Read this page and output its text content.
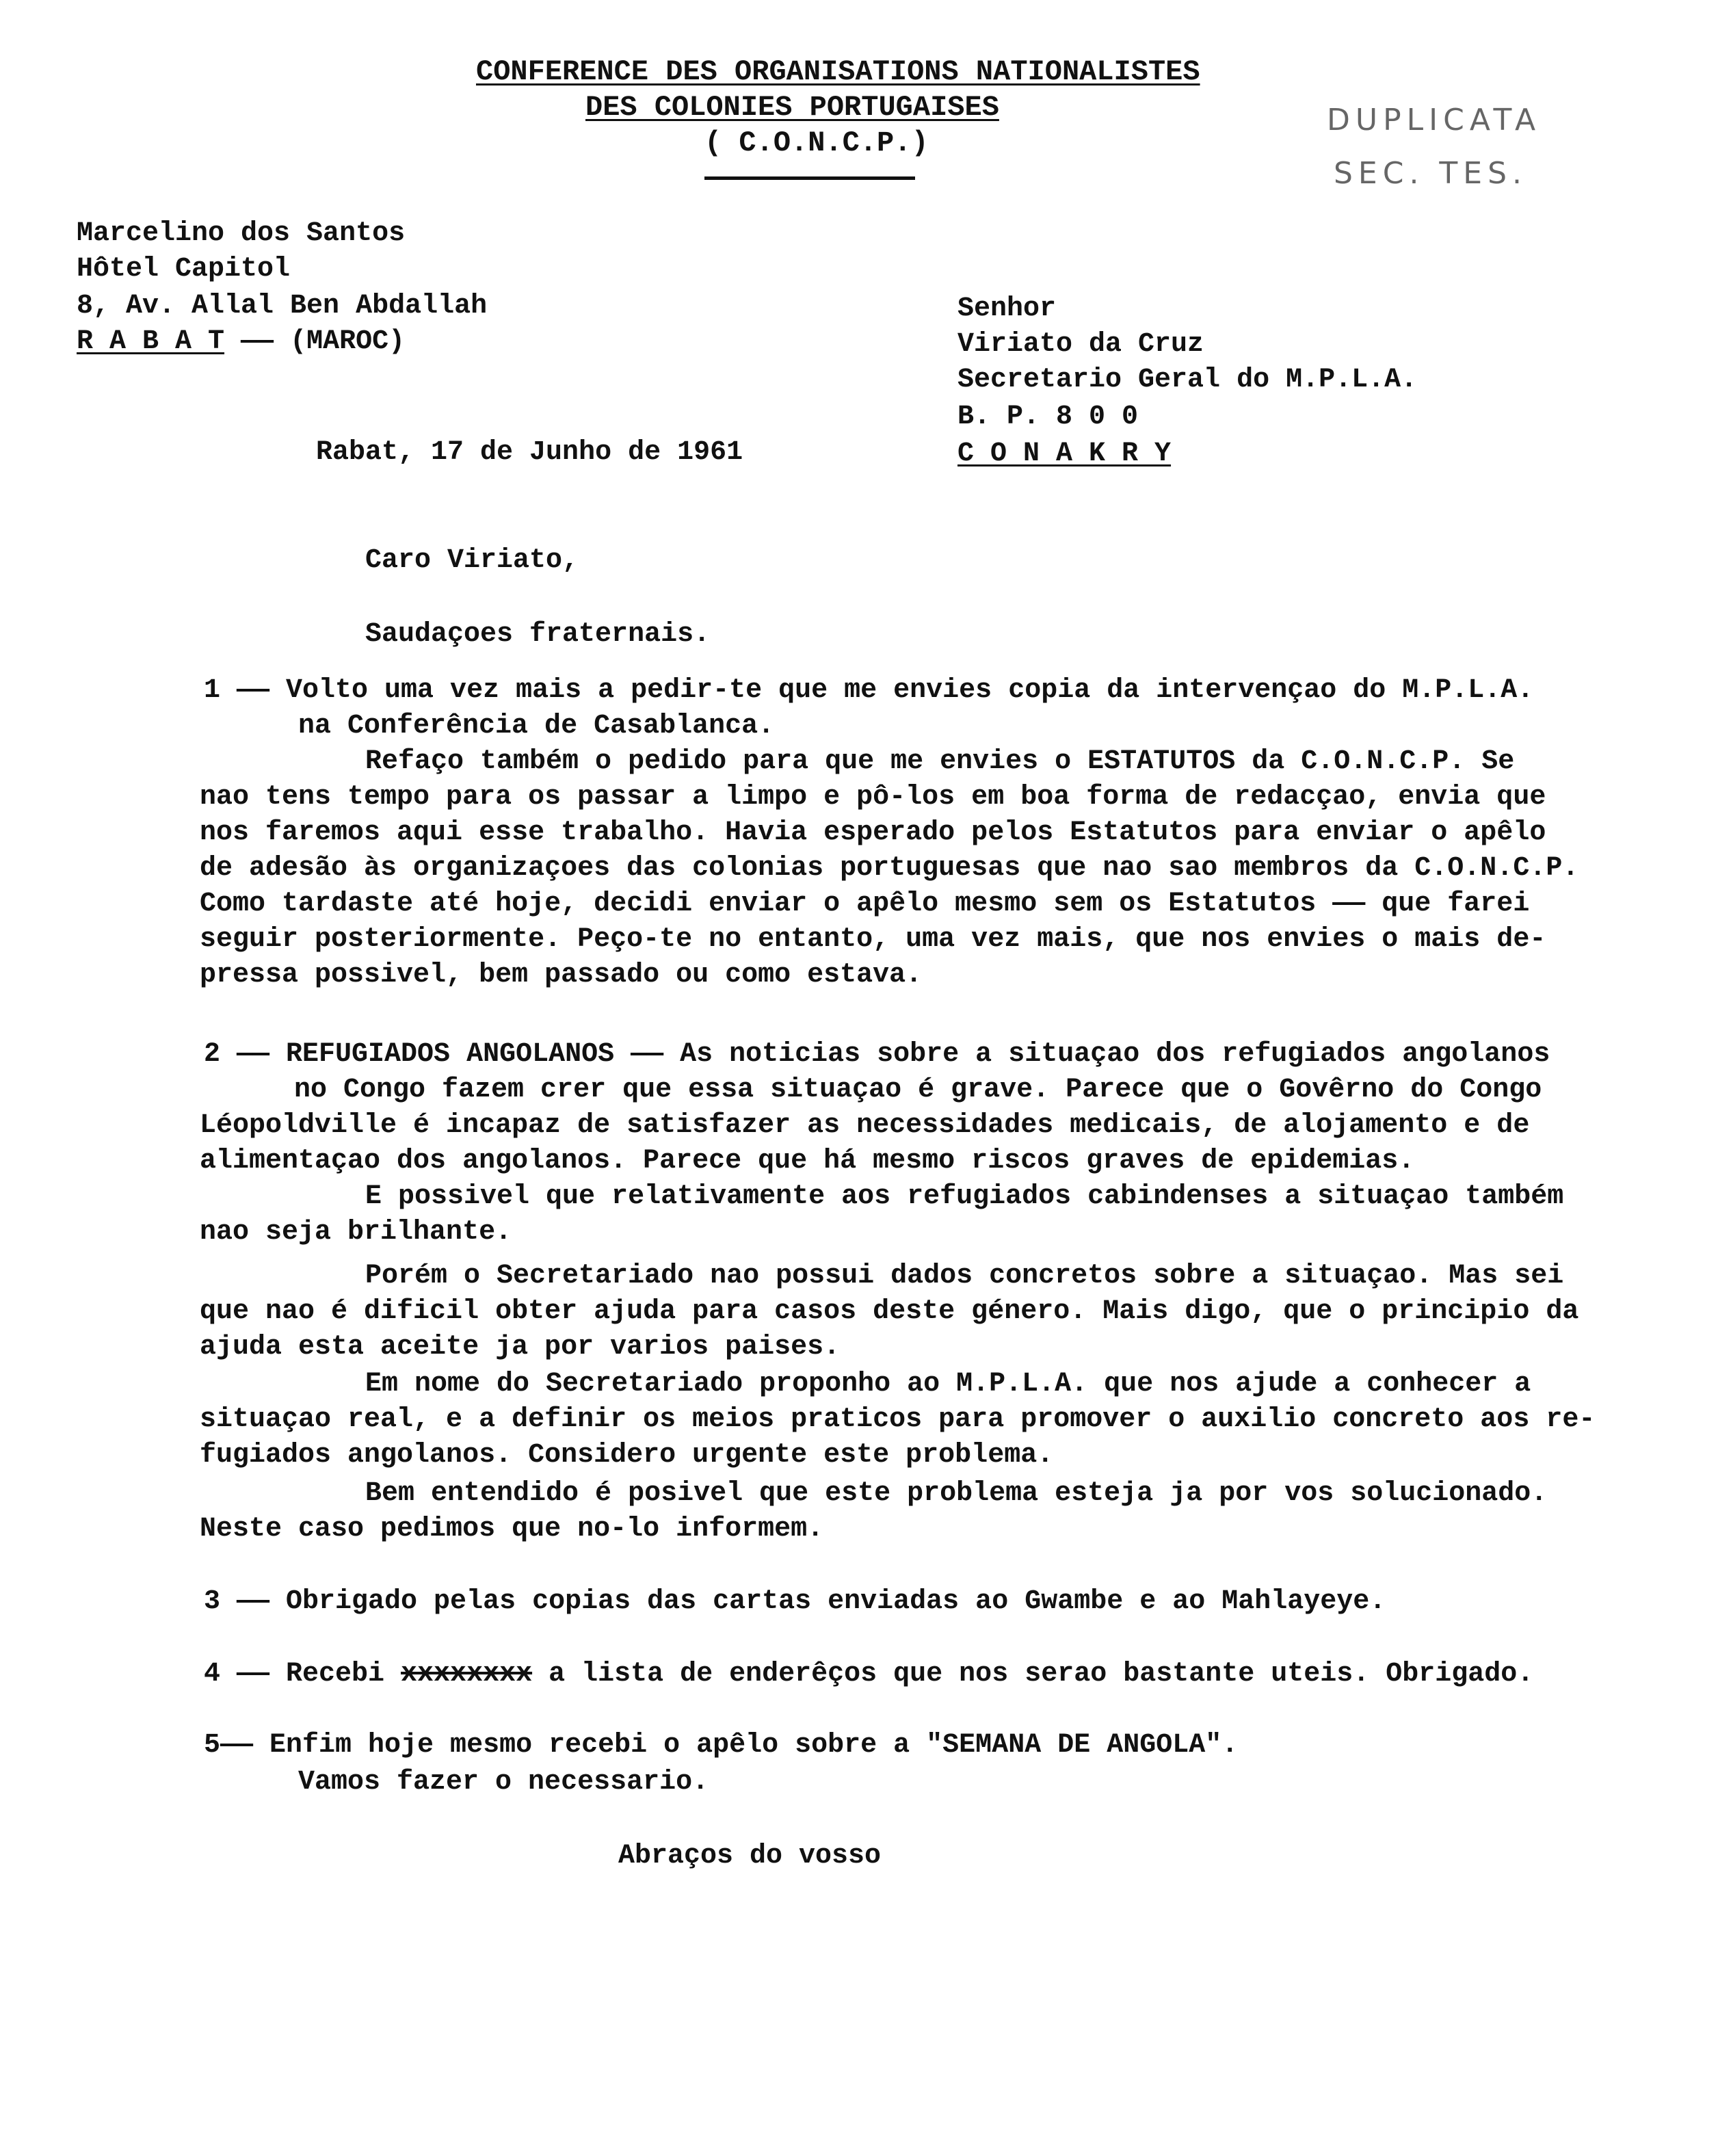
CONFERENCE DES ORGANISATIONS NATIONALISTES
DES COLONIES PORTUGAISES
( C.O.N.C.P.)
DUPLICATA
SEC. TES.
Marcelino dos Santos
Hôtel Capitol
8, Av. Allal Ben Abdallah
R A B A T —— (MAROC)
Senhor
Viriato da Cruz
Secretario Geral do M.P.L.A.
B. P. 8 0 0
C O N A K R Y
Rabat, 17 de Junho de 1961
Caro Viriato,
Saudaçoes fraternais.
1 —— Volto uma vez mais a pedir-te que me envies copia da intervençao do M.P.L.A.
na Conferência de Casablanca.
Refaço também o pedido para que me envies o ESTATUTOS da C.O.N.C.P. Se
nao tens tempo para os passar a limpo e pô-los em boa forma de redacçao, envia que
nos faremos aqui esse trabalho. Havia esperado pelos Estatutos para enviar o apêlo
de adesão às organizaçoes das colonias portuguesas que nao sao membros da C.O.N.C.P.
Como tardaste até hoje, decidi enviar o apêlo mesmo sem os Estatutos —— que farei
seguir posteriormente. Peço-te no entanto, uma vez mais, que nos envies o mais de-
pressa possivel, bem passado ou como estava.
2 —— REFUGIADOS ANGOLANOS —— As noticias sobre a situaçao dos refugiados angolanos
no Congo fazem crer que essa situaçao é grave. Parece que o Govêrno do Congo
Léopoldville é incapaz de satisfazer as necessidades medicais, de alojamento e de
alimentaçao dos angolanos. Parece que há mesmo riscos graves de epidemias.
E possivel que relativamente aos refugiados cabindenses a situaçao também
nao seja brilhante.
Porém o Secretariado nao possui dados concretos sobre a situaçao. Mas sei
que nao é dificil obter ajuda para casos deste género. Mais digo, que o principio da
ajuda esta aceite ja por varios paises.
Em nome do Secretariado proponho ao M.P.L.A. que nos ajude a conhecer a
situaçao real, e a definir os meios praticos para promover o auxilio concreto aos re-
fugiados angolanos. Considero urgente este problema.
Bem entendido é posivel que este problema esteja ja por vos solucionado.
Neste caso pedimos que no-lo informem.
3 —— Obrigado pelas copias das cartas enviadas ao Gwambe e ao Mahlayeye.
4 —— Recebi xxxxxxxx a lista de enderêços que nos serao bastante uteis. Obrigado.
5—— Enfim hoje mesmo recebi o apêlo sobre a "SEMANA DE ANGOLA".
Vamos fazer o necessario.
Abraços do vosso
